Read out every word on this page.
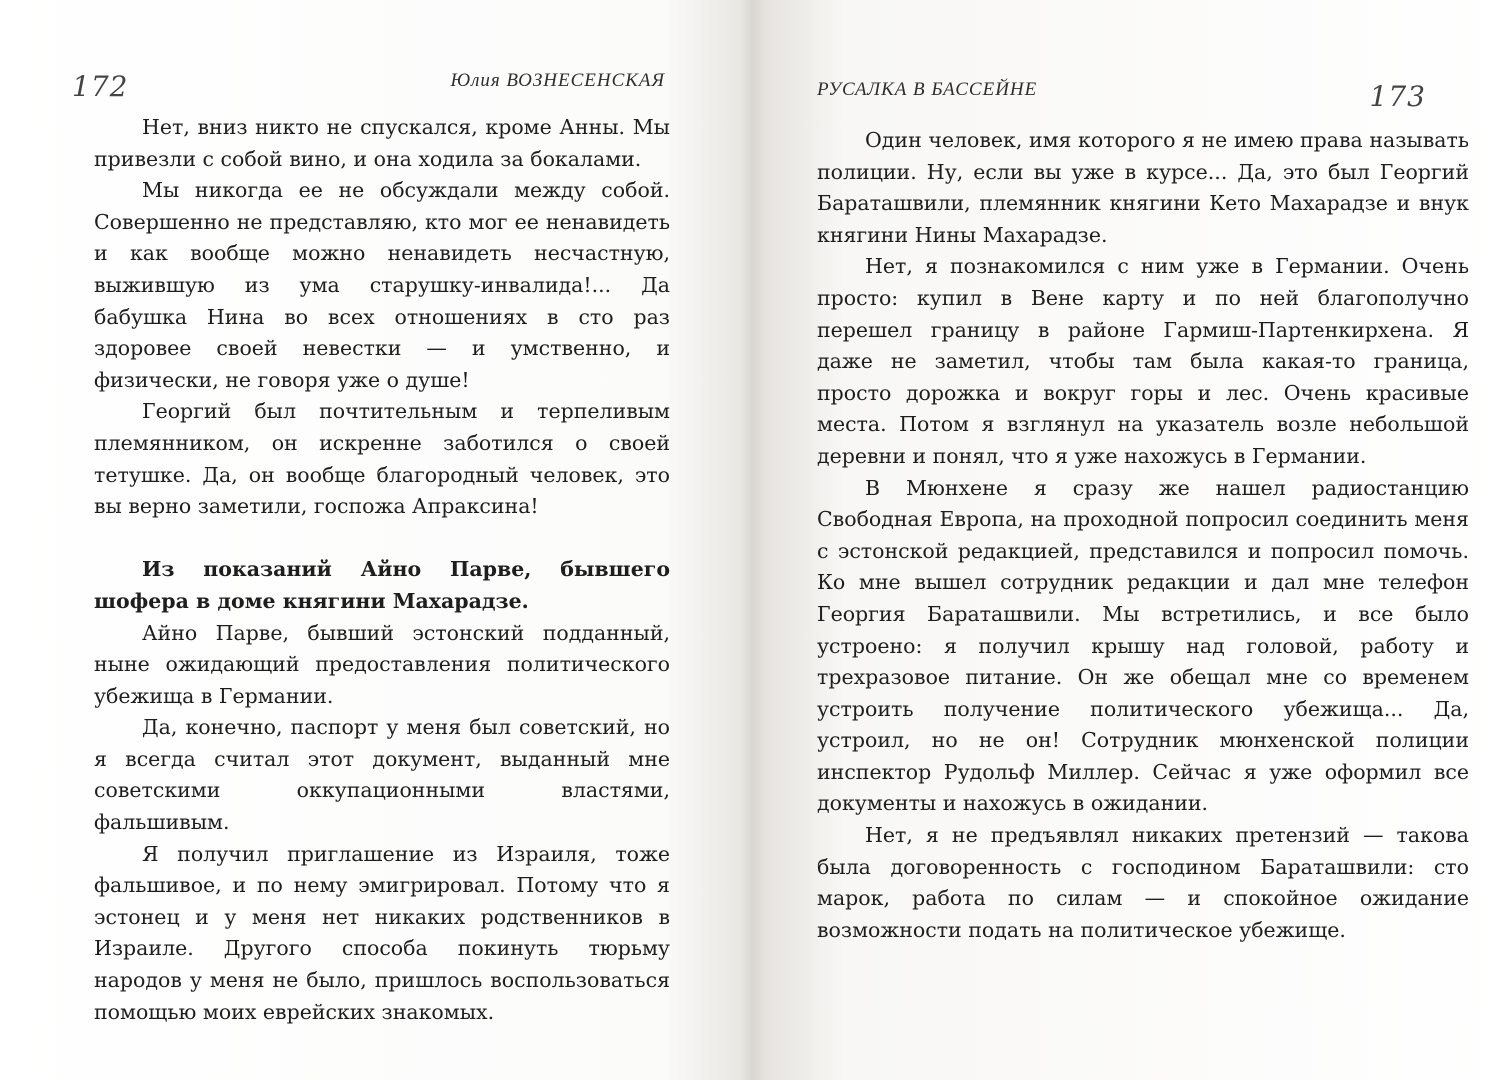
172	Юлия ВОЗНЕСЕНСКАЯ

Нет, вниз никто не спускался, кроме Анны. Мы привезли с собой вино, и она ходила за бокалами.

Мы никогда ее не обсуждали между собой. Совершенно не представляю, кто мог ее ненавидеть и как вообще можно ненавидеть несчастную, выжившую из ума старушку-инвалида!... Да бабушка Нина во всех отношениях в сто раз здоровее своей невестки — и умственно, и физически, не говоря уже о душе!

Георгий был почтительным и терпеливым племянником, он искренне заботился о своей тетушке. Да, он вообще благородный человек, это вы верно заметили, госпожа Апраксина!

Из показаний Айно Парве, бывшего шофера в доме княгини Махарадзе.

Айно Парве, бывший эстонский подданный, ныне ожидающий предоставления политического убежища в Германии.

Да, конечно, паспорт у меня был советский, но я всегда считал этот документ, выданный мне советскими оккупационными властями, фальшивым.

Я получил приглашение из Израиля, тоже фальшивое, и по нему эмигрировал. Потому что я эстонец и у меня нет никаких родственников в Израиле. Другого способа покинуть тюрьму народов у меня не было, пришлось воспользоваться помощью моих еврейских знакомых.

РУСАЛКА В БАССЕЙНЕ	173

Один человек, имя которого я не имею права называть полиции. Ну, если вы уже в курсе... Да, это был Георгий Бараташвили, племянник княгини Кето Махарадзе и внук княгини Нины Махарадзе.

Нет, я познакомился с ним уже в Германии. Очень просто: купил в Вене карту и по ней благополучно перешел границу в районе Гармиш-Партенкирхена. Я даже не заметил, чтобы там была какая-то граница, просто дорожка и вокруг горы и лес. Очень красивые места. Потом я взглянул на указатель возле небольшой деревни и понял, что я уже нахожусь в Германии.

В Мюнхене я сразу же нашел радиостанцию Свободная Европа, на проходной попросил соединить меня с эстонской редакцией, представился и попросил помочь. Ко мне вышел сотрудник редакции и дал мне телефон Георгия Бараташвили. Мы встретились, и все было устроено: я получил крышу над головой, работу и трехразовое питание. Он же обещал мне со временем устроить получение политического убежища... Да, устроил, но не он! Сотрудник мюнхенской полиции инспектор Рудольф Миллер. Сейчас я уже оформил все документы и нахожусь в ожидании.

Нет, я не предъявлял никаких претензий — такова была договоренность с господином Бараташвили: сто марок, работа по силам — и спокойное ожидание возможности подать на политическое убежище.
